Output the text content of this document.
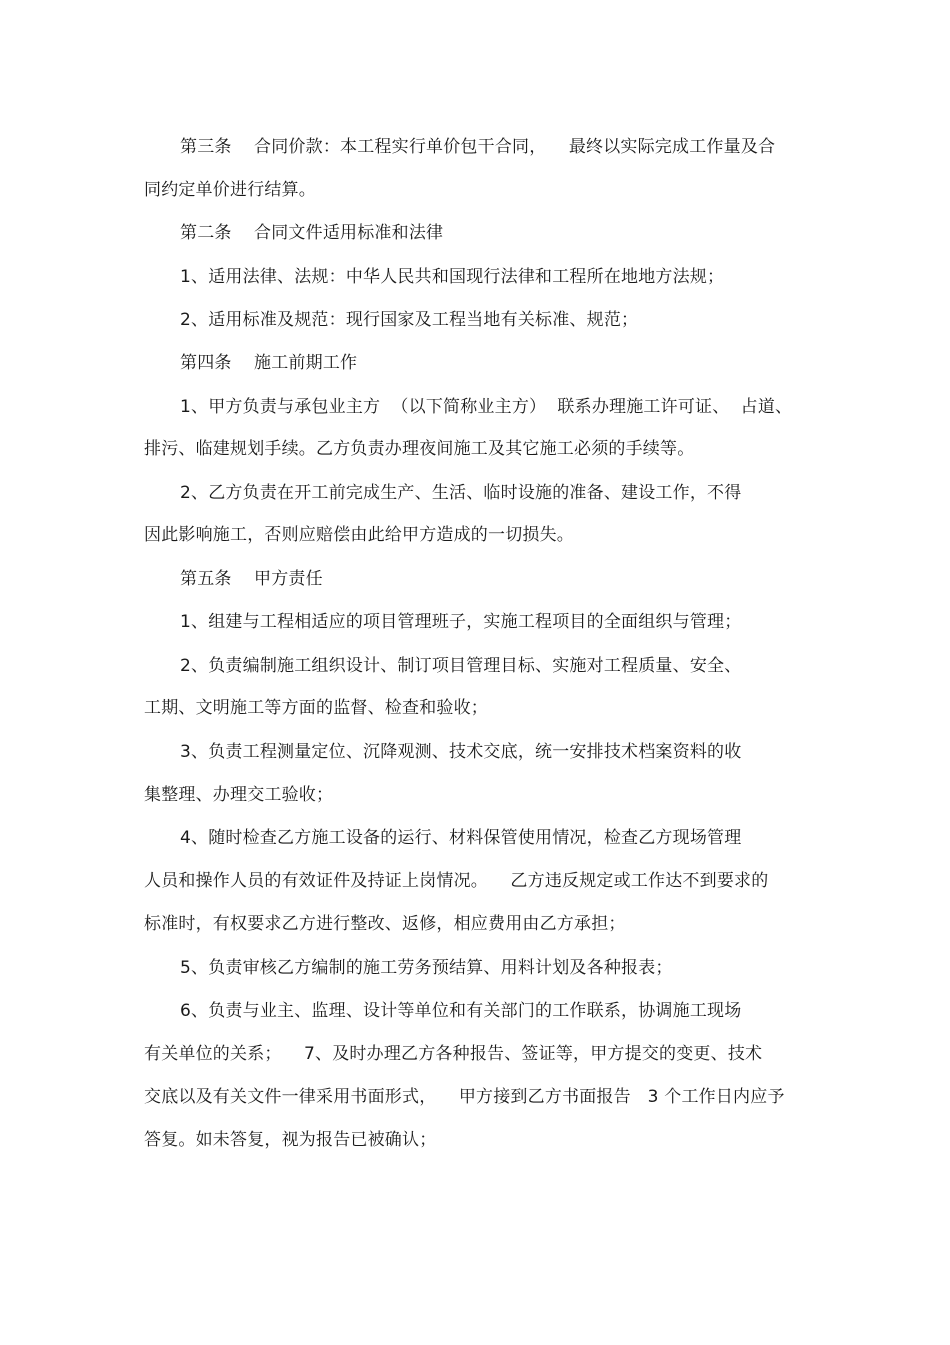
第三条    合同价款：本工程实行单价包干合同，    最终以实际完成工作量及合
同约定单价进行结算。
第二条    合同文件适用标准和法律
1、适用法律、法规：中华人民共和国现行法律和工程所在地地方法规；
2、适用标准及规范：现行国家及工程当地有关标准、规范；
第四条    施工前期工作
1、甲方负责与承包业主方  （以下简称业主方）  联系办理施工许可证、  占道、
排污、临建规划手续。乙方负责办理夜间施工及其它施工必须的手续等。
2、乙方负责在开工前完成生产、生活、临时设施的准备、建设工作，不得
因此影响施工，否则应赔偿由此给甲方造成的一切损失。
第五条    甲方责任
1、组建与工程相适应的项目管理班子，实施工程项目的全面组织与管理；
2、负责编制施工组织设计、制订项目管理目标、实施对工程质量、安全、
工期、文明施工等方面的监督、检查和验收；
3、负责工程测量定位、沉降观测、技术交底，统一安排技术档案资料的收
集整理、办理交工验收；
4、随时检查乙方施工设备的运行、材料保管使用情况，检查乙方现场管理
人员和操作人员的有效证件及持证上岗情况。    乙方违反规定或工作达不到要求的
标准时，有权要求乙方进行整改、返修，相应费用由乙方承担；
5、负责审核乙方编制的施工劳务预结算、用料计划及各种报表；
6、负责与业主、监理、设计等单位和有关部门的工作联系，协调施工现场
有关单位的关系；    7、及时办理乙方各种报告、签证等，甲方提交的变更、技术
交底以及有关文件一律采用书面形式，    甲方接到乙方书面报告   3 个工作日内应予
答复。如未答复，视为报告已被确认；
